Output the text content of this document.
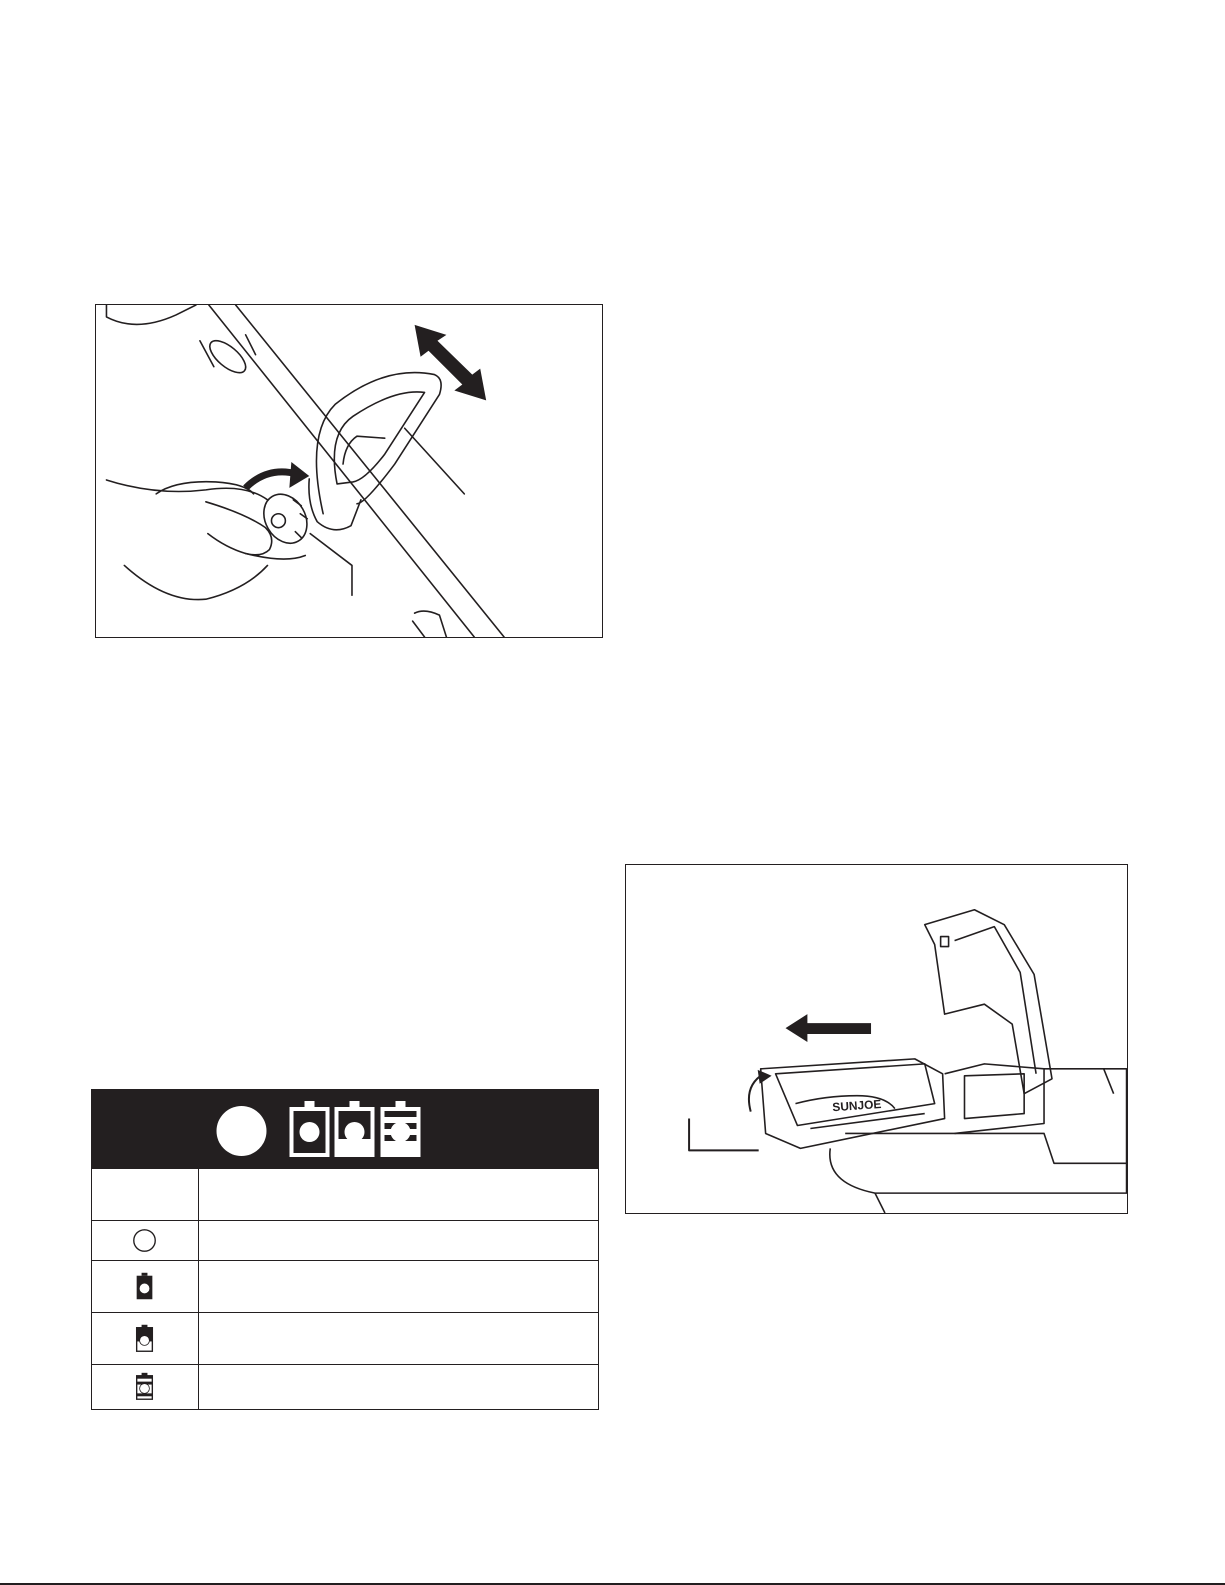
SUNJOE
